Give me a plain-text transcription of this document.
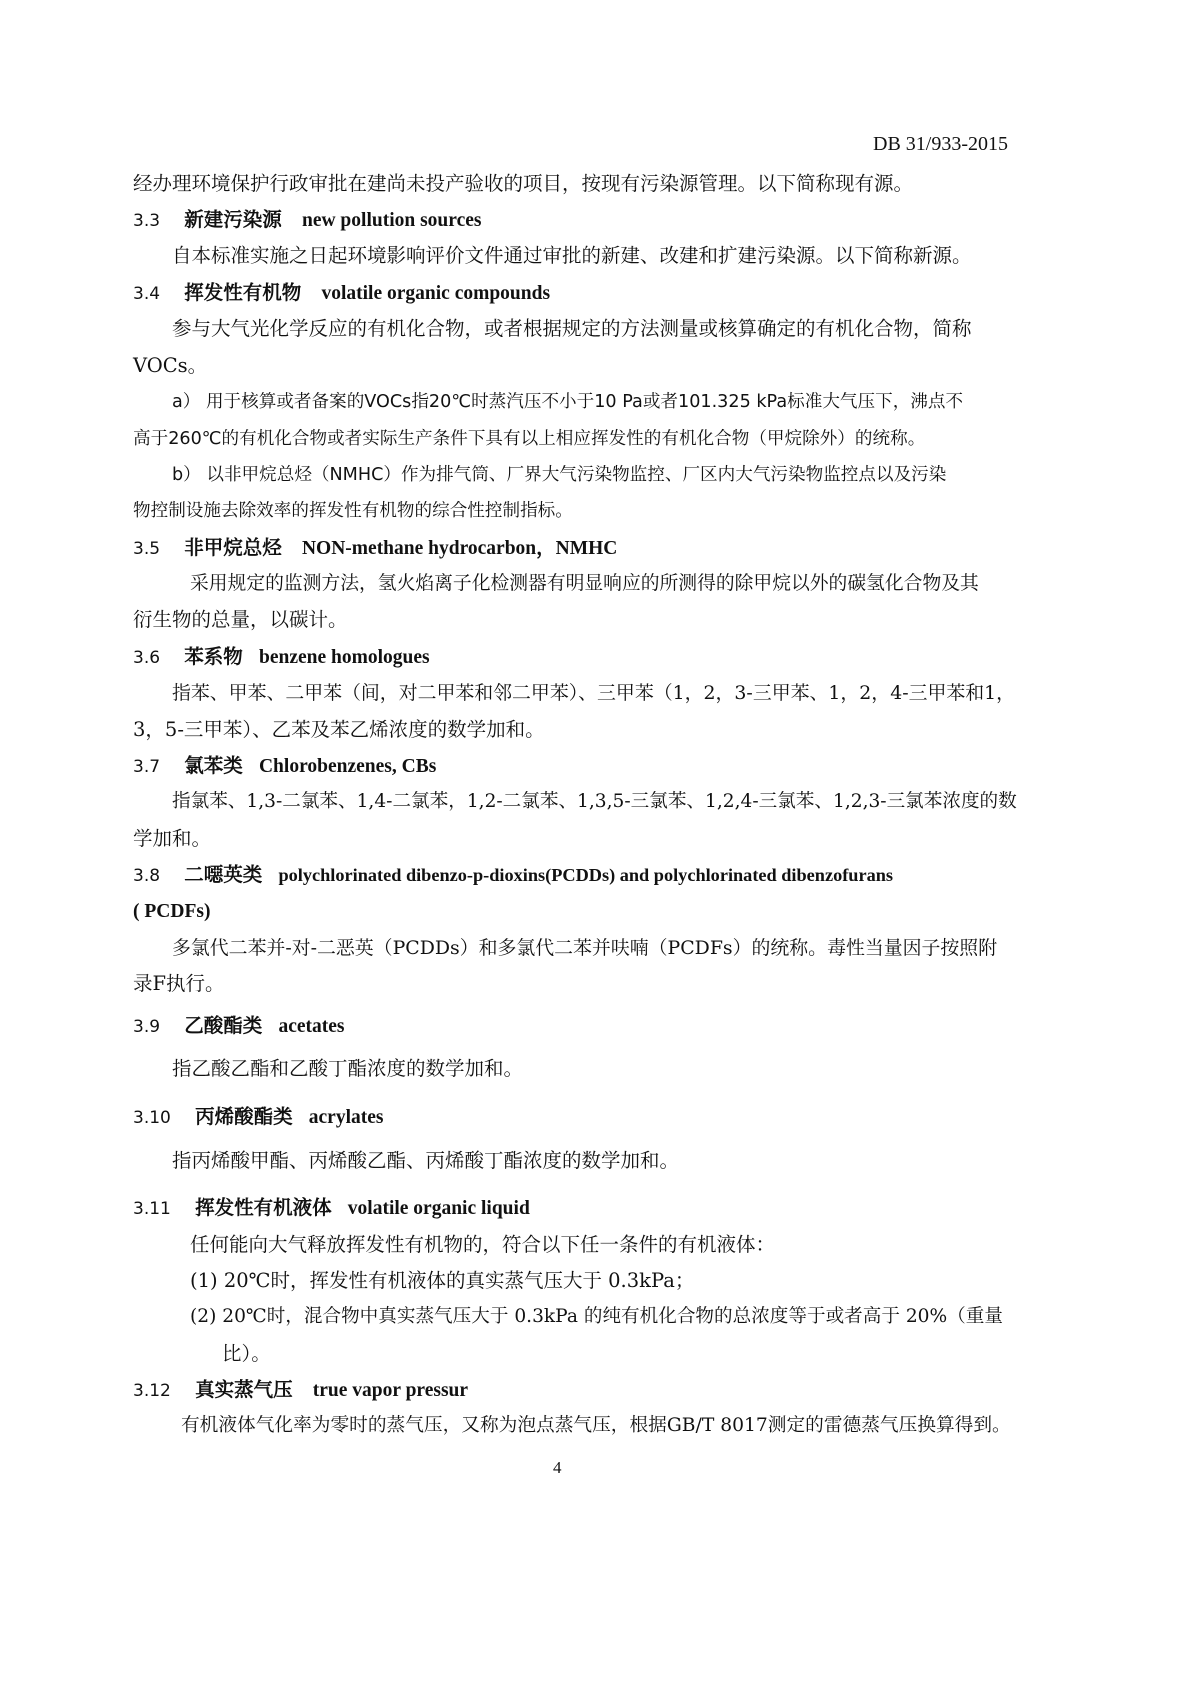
DB 31/933-2015
经办理环境保护行政审批在建尚未投产验收的项目，按现有污染源管理。以下简称现有源。
3.3 新建污染源 new pollution sources
自本标准实施之日起环境影响评价文件通过审批的新建、改建和扩建污染源。以下简称新源。
3.4 挥发性有机物 volatile organic compounds
参与大气光化学反应的有机化合物，或者根据规定的方法测量或核算确定的有机化合物，简称
VOCs。
a） 用于核算或者备案的VOCs指20℃时蒸汽压不小于10 Pa或者101.325 kPa标准大气压下，沸点不
高于260℃的有机化合物或者实际生产条件下具有以上相应挥发性的有机化合物（甲烷除外）的统称。
b） 以非甲烷总烃（NMHC）作为排气筒、厂界大气污染物监控、厂区内大气污染物监控点以及污染
物控制设施去除效率的挥发性有机物的综合性控制指标。
3.5 非甲烷总烃 NON-methane hydrocarbon，NMHC
采用规定的监测方法，氢火焰离子化检测器有明显响应的所测得的除甲烷以外的碳氢化合物及其
衍生物的总量，以碳计。
3.6 苯系物 benzene homologues
指苯、甲苯、二甲苯（间，对二甲苯和邻二甲苯）、三甲苯（1，2，3-三甲苯、1，2，4-三甲苯和1，
3，5-三甲苯）、乙苯及苯乙烯浓度的数学加和。
3.7 氯苯类 Chlorobenzenes, CBs
指氯苯、1,3-二氯苯、1,4-二氯苯，1,2-二氯苯、1,3,5-三氯苯、1,2,4-三氯苯、1,2,3-三氯苯浓度的数
学加和。
3.8 二噁英类 polychlorinated dibenzo-p-dioxins(PCDDs) and polychlorinated dibenzofurans
( PCDFs)
多氯代二苯并-对-二恶英（PCDDs）和多氯代二苯并呋喃（PCDFs）的统称。毒性当量因子按照附
录F执行。
3.9 乙酸酯类 acetates
指乙酸乙酯和乙酸丁酯浓度的数学加和。
3.10 丙烯酸酯类 acrylates
指丙烯酸甲酯、丙烯酸乙酯、丙烯酸丁酯浓度的数学加和。
3.11 挥发性有机液体 volatile organic liquid
任何能向大气释放挥发性有机物的，符合以下任一条件的有机液体：
(1) 20℃时，挥发性有机液体的真实蒸气压大于 0.3kPa；
(2) 20℃时，混合物中真实蒸气压大于 0.3kPa 的纯有机化合物的总浓度等于或者高于 20%（重量
比）。
3.12 真实蒸气压 true vapor pressur
有机液体气化率为零时的蒸气压，又称为泡点蒸气压，根据GB/T 8017测定的雷德蒸气压换算得到。
4
